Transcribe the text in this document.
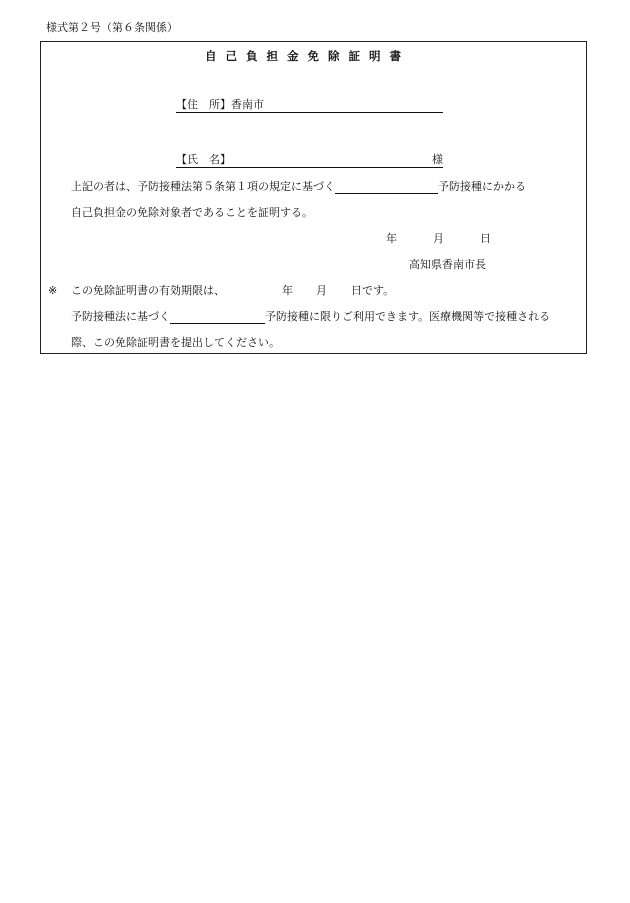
様式第２号（第６条関係）
自己負担金免除証明書
【住　所】香南市
【氏　名】	様
上記の者は、予防接種法第５条第１項の規定に基づく	予防接種にかかる
自己負担金の免除対象者であることを証明する。
年	月	日
高知県香南市長
※ この免除証明書の有効期限は、	年 月 日です。
予防接種法に基づく	予防接種に限りご利用できます。医療機関等で接種される
際、この免除証明書を提出してください。
